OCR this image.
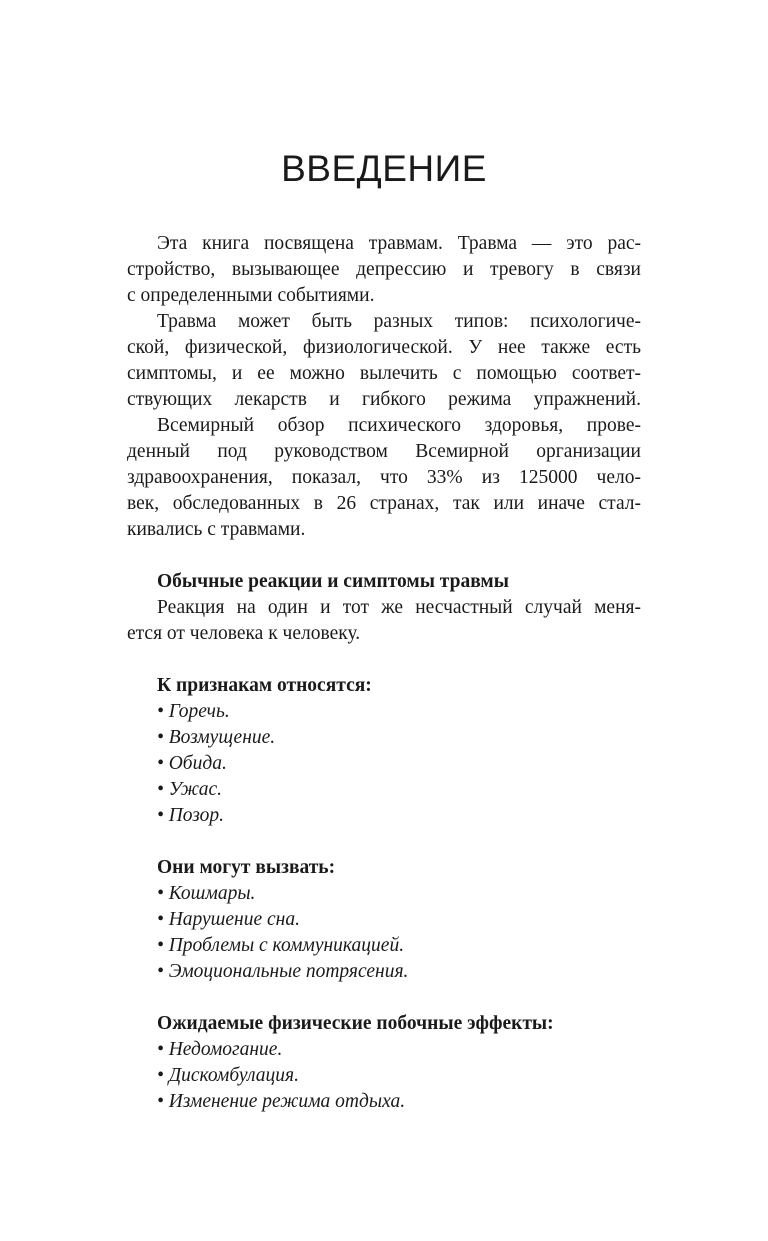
ВВЕДЕНИЕ
Эта книга посвящена травмам. Травма — это рас-
стройство, вызывающее депрессию и тревогу в связи
с определенными событиями.
Травма может быть разных типов: психологиче-
ской, физической, физиологической. У нее также есть
симптомы, и ее можно вылечить с помощью соответ-
ствующих лекарств и гибкого режима упражнений.
Всемирный обзор психического здоровья, прове-
денный под руководством Всемирной организации
здравоохранения, показал, что 33% из 125000 чело-
век, обследованных в 26 странах, так или иначе стал-
кивались с травмами.
Обычные реакции и симптомы травмы
Реакция на один и тот же несчастный случай меня-
ется от человека к человеку.
К признакам относятся:
• Горечь.
• Возмущение.
• Обида.
• Ужас.
• Позор.
Они могут вызвать:
• Кошмары.
• Нарушение сна.
• Проблемы с коммуникацией.
• Эмоциональные потрясения.
Ожидаемые физические побочные эффекты:
• Недомогание.
• Дискомбулация.
• Изменение режима отдыха.
